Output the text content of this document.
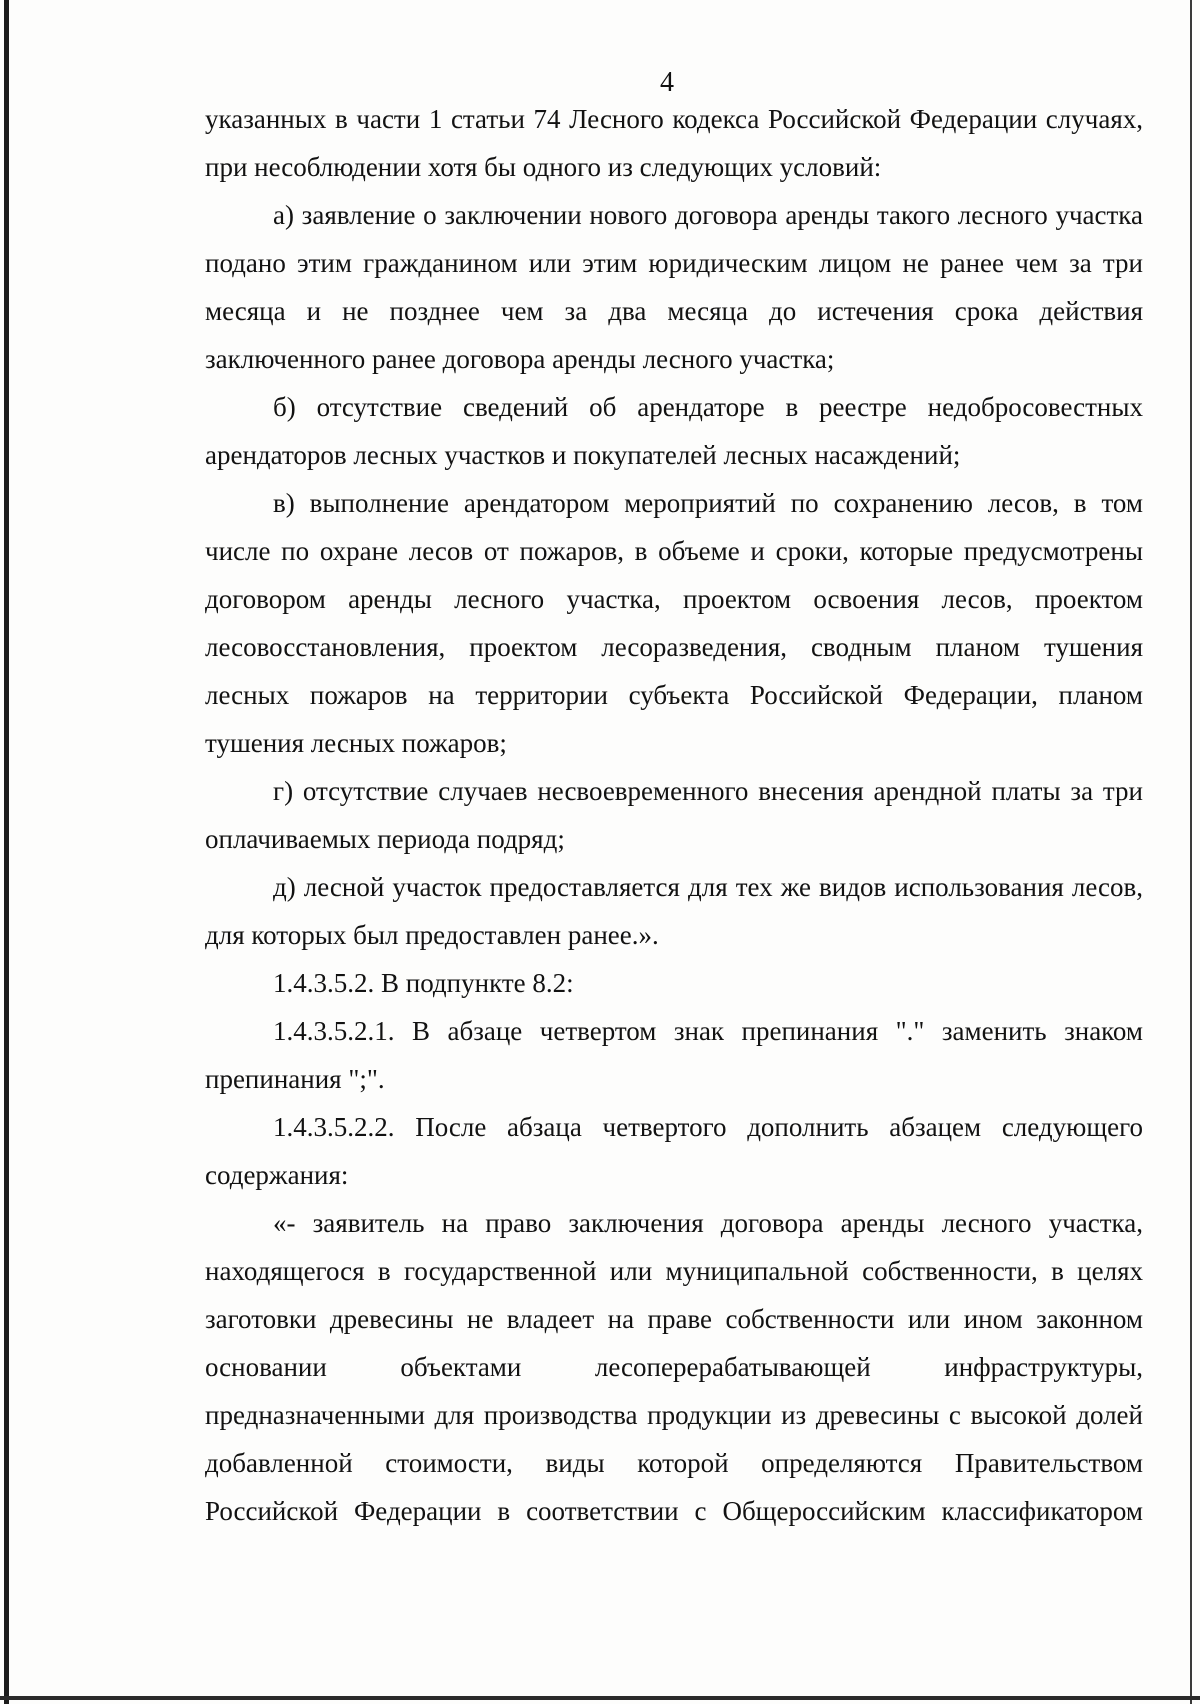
4

указанных в части 1 статьи 74 Лесного кодекса Российской Федерации случаях, при несоблюдении хотя бы одного из следующих условий:

а) заявление о заключении нового договора аренды такого лесного участка подано этим гражданином или этим юридическим лицом не ранее чем за три месяца и не позднее чем за два месяца до истечения срока действия заключенного ранее договора аренды лесного участка;

б) отсутствие сведений об арендаторе в реестре недобросовестных арендаторов лесных участков и покупателей лесных насаждений;

в) выполнение арендатором мероприятий по сохранению лесов, в том числе по охране лесов от пожаров, в объеме и сроки, которые предусмотрены договором аренды лесного участка, проектом освоения лесов, проектом лесовосстановления, проектом лесоразведения, сводным планом тушения лесных пожаров на территории субъекта Российской Федерации, планом тушения лесных пожаров;

г) отсутствие случаев несвоевременного внесения арендной платы за три оплачиваемых периода подряд;

д) лесной участок предоставляется для тех же видов использования лесов, для которых был предоставлен ранее.».

1.4.3.5.2. В подпункте 8.2:

1.4.3.5.2.1. В абзаце четвертом знак препинания "." заменить знаком препинания ";".

1.4.3.5.2.2. После абзаца четвертого дополнить абзацем следующего содержания:

«- заявитель на право заключения договора аренды лесного участка, находящегося в государственной или муниципальной собственности, в целях заготовки древесины не владеет на праве собственности или ином законном основании объектами лесоперерабатывающей инфраструктуры, предназначенными для производства продукции из древесины с высокой долей добавленной стоимости, виды которой определяются Правительством Российской Федерации в соответствии с Общероссийским классификатором
